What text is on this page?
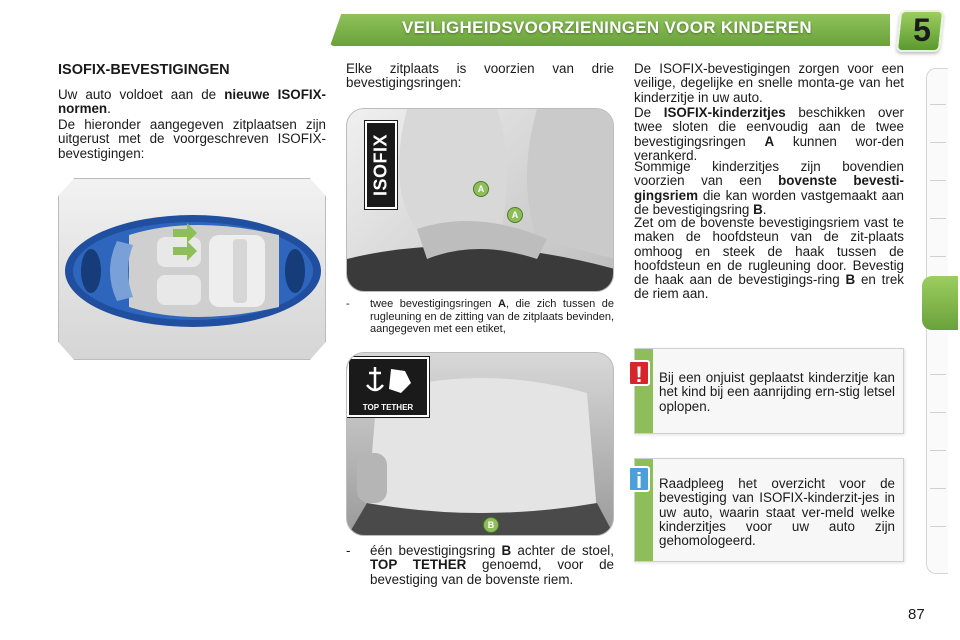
VEILIGHEIDSVOORZIENINGEN VOOR KINDEREN	5
ISOFIX-BEVESTIGINGEN
Uw auto voldoet aan de nieuwe ISOFIX-normen.
De hieronder aangegeven zitplaatsen zijn uitgerust met de voorgeschreven ISOFIX-bevestigingen:
Elke zitplaats is voorzien van drie bevestigingsringen:
ISOFIX	A
A
-	twee bevestigingsringen A, die zich tussen de rugleuning en de zitting van de zitplaats bevinden, aangegeven met een etiket,
TOP TETHER
B
-	één bevestigingsring B achter de stoel, TOP TETHER genoemd, voor de bevestiging van de bovenste riem.
De ISOFIX-bevestigingen zorgen voor een veilige, degelijke en snelle monta-ge van het kinderzitje in uw auto.
De ISOFIX-kinderzitjes beschikken over twee sloten die eenvoudig aan de twee bevestigingsringen A kunnen wor-den verankerd.
Sommige kinderzitjes zijn bovendien voorzien van een bovenste bevesti-gingsriem die kan worden vastgemaakt aan de bevestigingsring B.
Zet om de bovenste bevestigingsriem vast te maken de hoofdsteun van de zit-plaats omhoog en steek de haak tussen de hoofdsteun en de rugleuning door. Bevestig de haak aan de bevestigings-ring B en trek de riem aan.
Bij een onjuist geplaatst kinderzitje kan het kind bij een aanrijding ern-stig letsel oplopen.
!
Raadpleeg het overzicht voor de bevestiging van ISOFIX-kinderzit-jes in uw auto, waarin staat ver-meld welke kinderzitjes voor uw auto zijn gehomologeerd.
i
87
